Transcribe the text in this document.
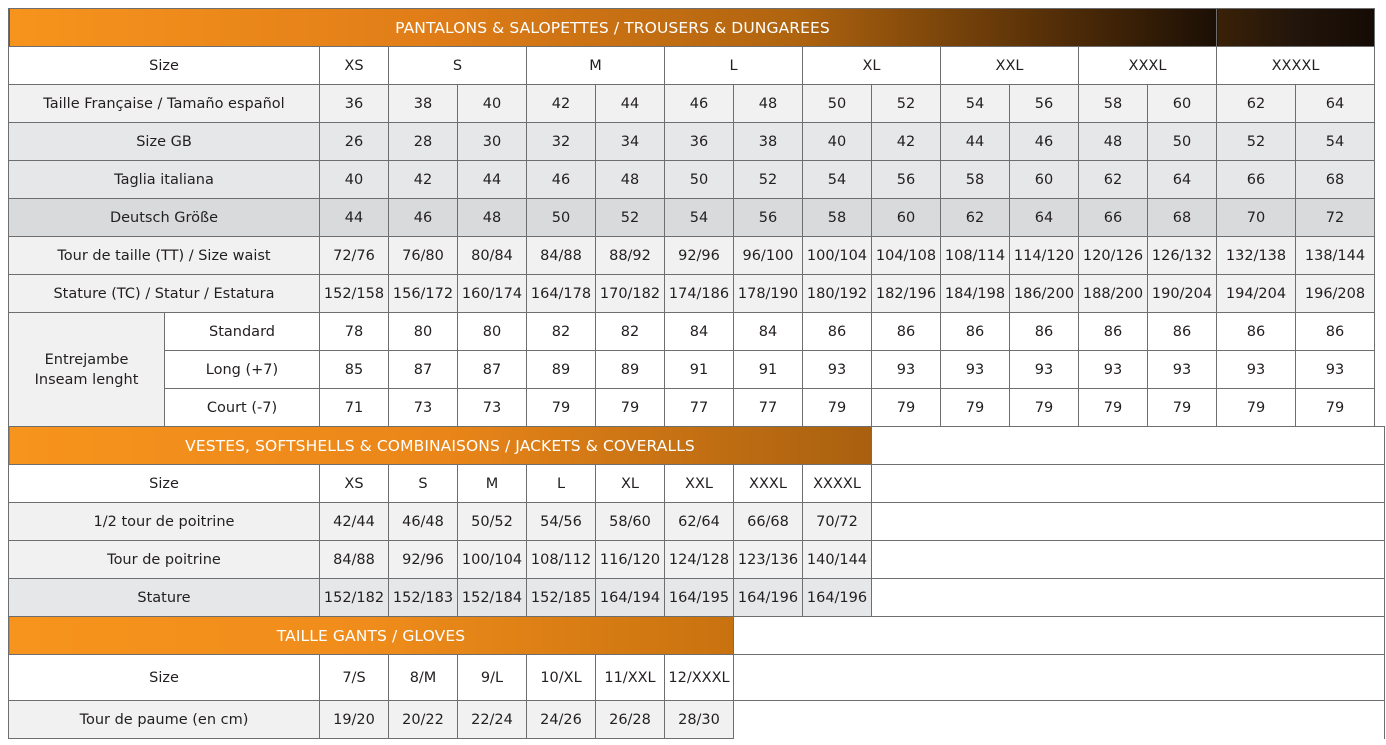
PANTALONS & SALOPETTES / TROUSERS & DUNGAREES																
Size		XS	S		M		L		XL		XXL		XXXL		XXXXL	
Taille Française / Tamaño español		36	38	40	42	44	46	48	50	52	54	56	58	60	62	64
Size GB		26	28	30	32	34	36	38	40	42	44	46	48	50	52	54
Taglia italiana		40	42	44	46	48	50	52	54	56	58	60	62	64	66	68
Deutsch Größe		44	46	48	50	52	54	56	58	60	62	64	66	68	70	72
Tour de taille (TT) / Size waist		72/76	76/80	80/84	84/88	88/92	92/96	96/100	100/104	104/108	108/114	114/120	120/126	126/132	132/138	138/144
Stature (TC) / Statur / Estatura		152/158	156/172	160/174	164/178	170/182	174/186	178/190	180/192	182/196	184/198	186/200	188/200	190/204	194/204	196/208

Entrejambe
Inseam lenght	Standard	78	80	80	82	82	84	84	86	86	86	86	86	86	86	86
	Long (+7)	85	87	87	89	89	91	91	93	93	93	93	93	93	93	93
	Court (-7)	71	73	73	79	79	77	77	79	79	79	79	79	79	79	79
VESTES, SOFTSHELLS & COMBINAISONS / JACKETS & COVERALLS									
Size	XS	S	M	L	XL	XXL	XXXL	XXXXL	
1/2 tour de poitrine	42/44	46/48	50/52	54/56	58/60	62/64	66/68	70/72	
Tour de poitrine	84/88	92/96	100/104	108/112	116/120	124/128	123/136	140/144	
Stature	152/182	152/183	152/184	152/185	164/194	164/195	164/196	164/196	
TAILLE GANTS / GLOVES							
Size	7/S	8/M	9/L	10/XL	11/XXL	12/XXXL	
Tour de paume (en cm)	19/20	20/22	22/24	24/26	26/28	28/30	
